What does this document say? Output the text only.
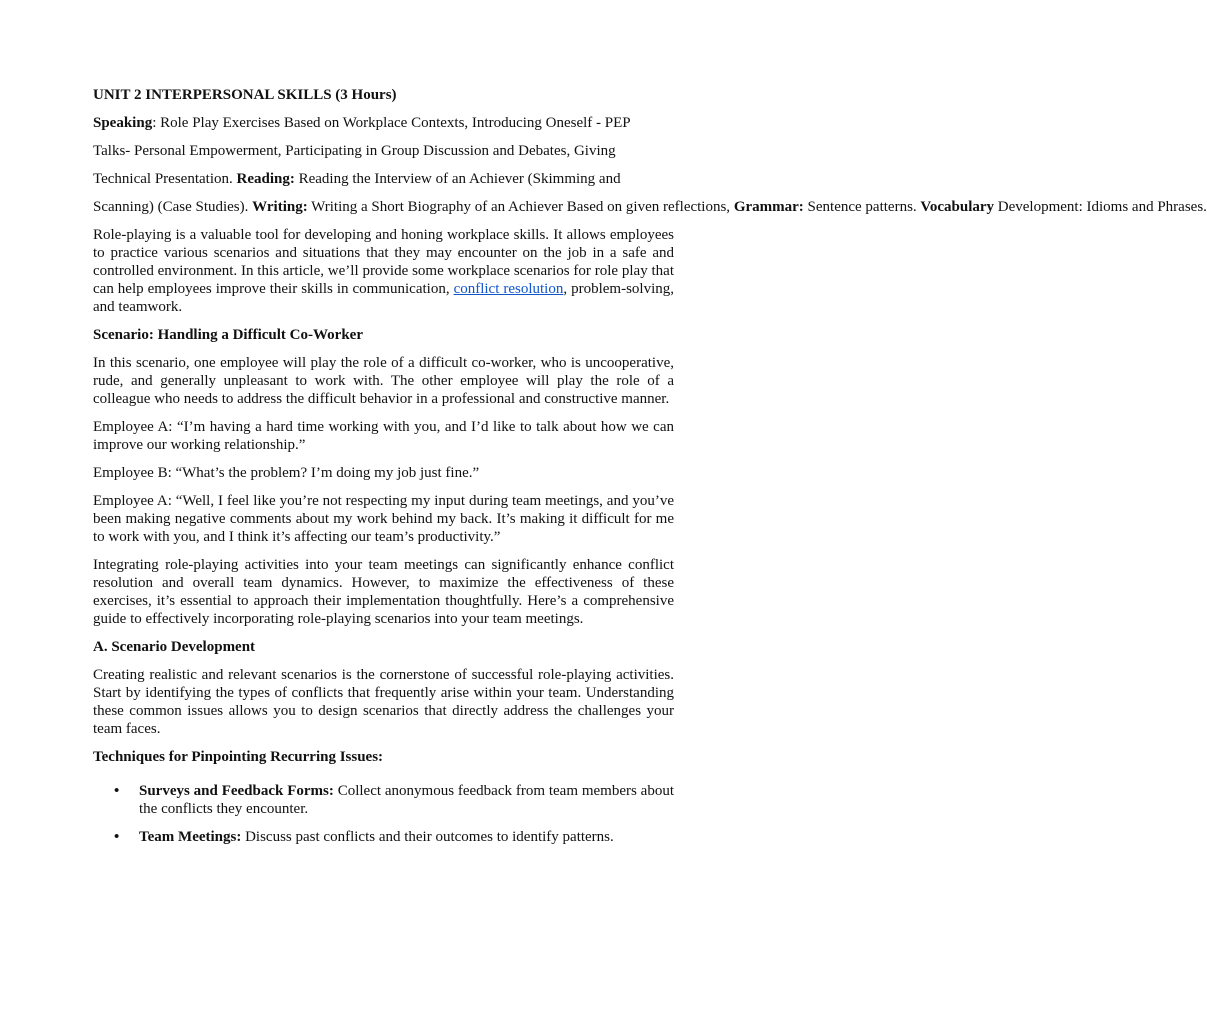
UNIT 2 INTERPERSONAL SKILLS (3 Hours)

Speaking: Role Play Exercises Based on Workplace Contexts, Introducing Oneself - PEP
Talks- Personal Empowerment, Participating in Group Discussion and Debates, Giving
Technical Presentation. Reading: Reading the Interview of an Achiever (Skimming and

Scanning) (Case Studies). Writing: Writing a Short Biography of an Achiever Based on given reflections, Grammar: Sentence patterns. Vocabulary Development: Idioms and Phrases.

Role-playing is a valuable tool for developing and honing workplace skills. It allows employees to practice various scenarios and situations that they may encounter on the job in a safe and controlled environment. In this article, we’ll provide some workplace scenarios for role play that can help employees improve their skills in communication, conflict resolution, problem-solving, and teamwork.

Scenario: Handling a Difficult Co-Worker

In this scenario, one employee will play the role of a difficult co-worker, who is uncooperative, rude, and generally unpleasant to work with. The other employee will play the role of a colleague who needs to address the difficult behavior in a professional and constructive manner.

Employee A: “I’m having a hard time working with you, and I’d like to talk about how we can improve our working relationship.”

Employee B: “What’s the problem? I’m doing my job just fine.”

Employee A: “Well, I feel like you’re not respecting my input during team meetings, and you’ve been making negative comments about my work behind my back. It’s making it difficult for me to work with you, and I think it’s affecting our team’s productivity.”

Integrating role-playing activities into your team meetings can significantly enhance conflict resolution and overall team dynamics. However, to maximize the effectiveness of these exercises, it’s essential to approach their implementation thoughtfully. Here’s a comprehensive guide to effectively incorporating role-playing scenarios into your team meetings.

A. Scenario Development

Creating realistic and relevant scenarios is the cornerstone of successful role-playing activities. Start by identifying the types of conflicts that frequently arise within your team. Understanding these common issues allows you to design scenarios that directly address the challenges your team faces.

Techniques for Pinpointing Recurring Issues:

• Surveys and Feedback Forms: Collect anonymous feedback from team members about the conflicts they encounter.
• Team Meetings: Discuss past conflicts and their outcomes to identify patterns.
